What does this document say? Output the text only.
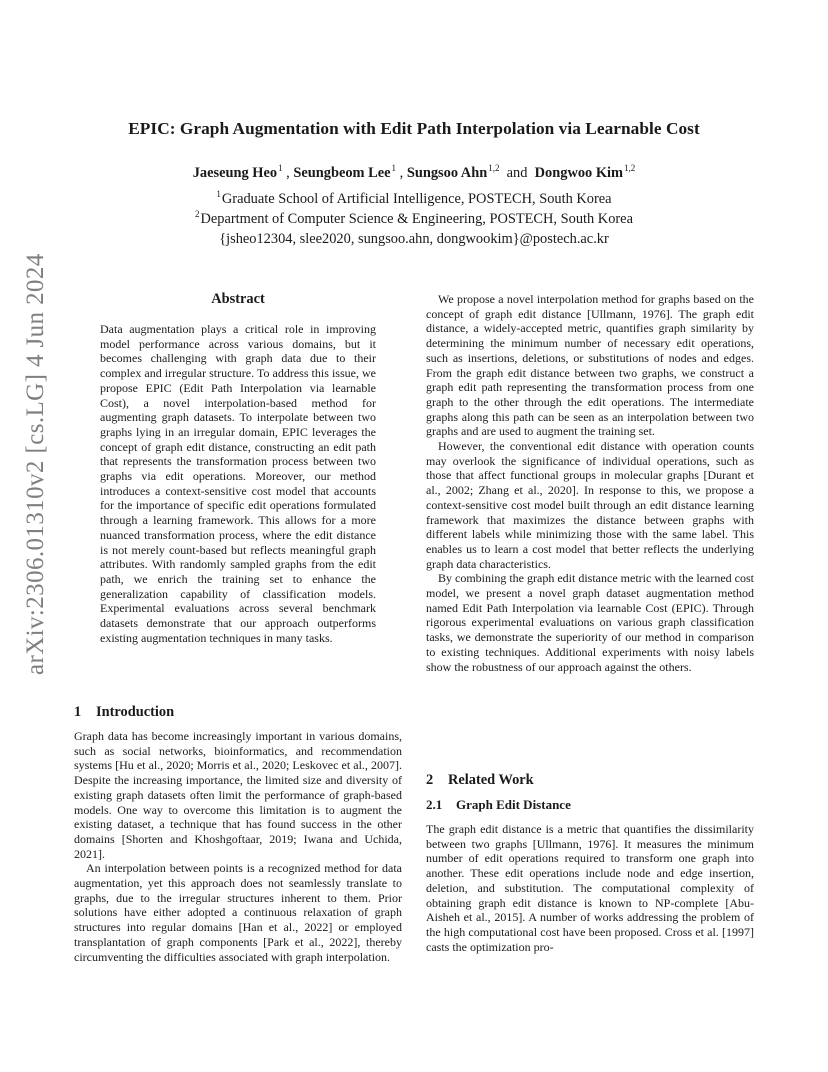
EPIC: Graph Augmentation with Edit Path Interpolation via Learnable Cost
Jaeseung Heo$^1$ , Seungbeom Lee$^1$ , Sungsoo Ahn$^{1,2}$ and Dongwoo Kim$^{1,2}$
$^1$Graduate School of Artificial Intelligence, POSTECH, South Korea
$^2$Department of Computer Science & Engineering, POSTECH, South Korea
{jsheo12304, slee2020, sungsoo.ahn, dongwookim}@postech.ac.kr
arXiv:2306.01310v2 [cs.LG] 4 Jun 2024	Abstract
Data augmentation plays a critical role in improving model performance across various domains, but it becomes challenging with graph data due to their complex and irregular structure. To address this issue, we propose EPIC (Edit Path Interpolation via learnable Cost), a novel interpolation-based method for augmenting graph datasets. To interpolate between two graphs lying in an irregular domain, EPIC leverages the concept of graph edit distance, constructing an edit path that represents the transformation process between two graphs via edit operations. Moreover, our method introduces a context-sensitive cost model that accounts for the importance of specific edit operations formulated through a learning framework. This allows for a more nuanced transformation process, where the edit distance is not merely count-based but reflects meaningful graph attributes. With randomly sampled graphs from the edit path, we enrich the training set to enhance the generalization capability of classification models. Experimental evaluations across several benchmark datasets demonstrate that our approach outperforms existing augmentation techniques in many tasks.
1 Introduction

Graph data has become increasingly important in various domains, such as social networks, bioinformatics, and recommendation systems [Hu et al., 2020; Morris et al., 2020; Leskovec et al., 2007]. Despite the increasing importance, the limited size and diversity of existing graph datasets often limit the performance of graph-based models. One way to overcome this limitation is to augment the existing dataset, a technique that has found success in the other domains [Shorten and Khoshgoftaar, 2019; Iwana and Uchida, 2021].

An interpolation between points is a recognized method for data augmentation, yet this approach does not seamlessly translate to graphs, due to the irregular structures inherent to them. Prior solutions have either adopted a continuous relaxation of graph structures into regular domains [Han et al., 2022] or employed transplantation of graph components [Park et al., 2022], thereby circumventing the difficulties associated with graph interpolation.

We propose a novel interpolation method for graphs based on the concept of graph edit distance [Ullmann, 1976]. The graph edit distance, a widely-accepted metric, quantifies graph similarity by determining the minimum number of necessary edit operations, such as insertions, deletions, or substitutions of nodes and edges. From the graph edit distance between two graphs, we construct a graph edit path representing the transformation process from one graph to the other through the edit operations. The intermediate graphs along this path can be seen as an interpolation between two graphs and are used to augment the training set.

However, the conventional edit distance with operation counts may overlook the significance of individual operations, such as those that affect functional groups in molecular graphs [Durant et al., 2002; Zhang et al., 2020]. In response to this, we propose a context-sensitive cost model built through an edit distance learning framework that maximizes the distance between graphs with different labels while minimizing those with the same label. This enables us to learn a cost model that better reflects the underlying graph data characteristics.

By combining the graph edit distance metric with the learned cost model, we present a novel graph dataset augmentation method named Edit Path Interpolation via learnable Cost (EPIC). Through rigorous experimental evaluations on various graph classification tasks, we demonstrate the superiority of our method in comparison to existing techniques. Additional experiments with noisy labels show the robustness of our approach against the others.

2 Related Work
2.1 Graph Edit Distance

The graph edit distance is a metric that quantifies the dissimilarity between two graphs [Ullmann, 1976]. It measures the minimum number of edit operations required to transform one graph into another. These edit operations include node and edge insertion, deletion, and substitution. The computational complexity of obtaining graph edit distance is known to NP-complete [Abu-Aisheh et al., 2015]. A number of works addressing the problem of the high computational cost have been proposed. Cross et al. [1997] casts the optimization pro-
